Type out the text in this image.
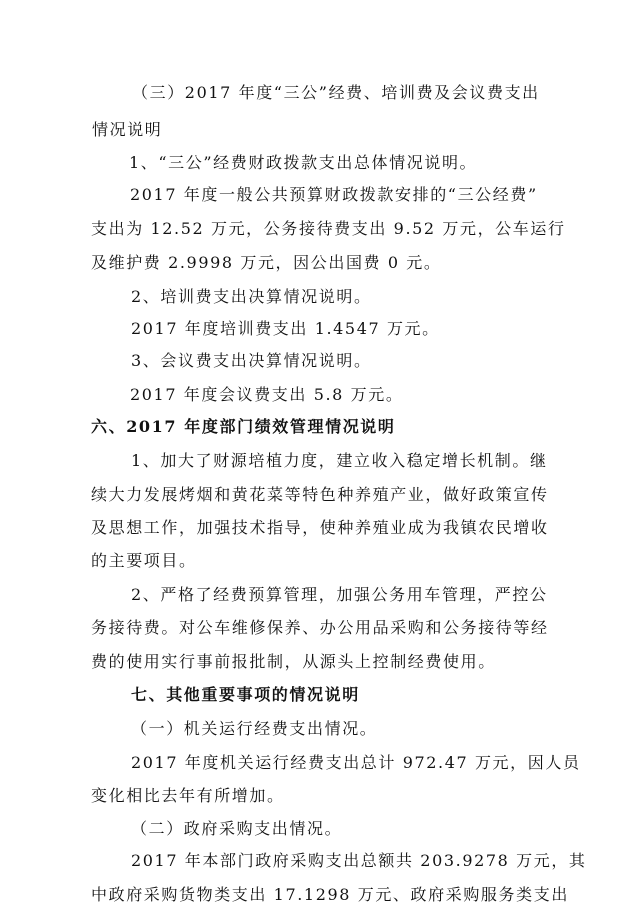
（三）2017 年度“三公”经费、培训费及会议费支出
情况说明
1、“三公”经费财政拨款支出总体情况说明。
2017 年度一般公共预算财政拨款安排的“三公经费”
支出为 12.52 万元，公务接待费支出 9.52 万元，公车运行
及维护费 2.9998 万元，因公出国费 0 元。
2、培训费支出决算情况说明。
2017 年度培训费支出 1.4547 万元。
3、会议费支出决算情况说明。
2017 年度会议费支出 5.8 万元。
六、2017 年度部门绩效管理情况说明
1、加大了财源培植力度，建立收入稳定增长机制。继
续大力发展烤烟和黄花菜等特色种养殖产业，做好政策宣传
及思想工作，加强技术指导，使种养殖业成为我镇农民增收
的主要项目。
2、严格了经费预算管理，加强公务用车管理，严控公
务接待费。对公车维修保养、办公用品采购和公务接待等经
费的使用实行事前报批制，从源头上控制经费使用。
七、其他重要事项的情况说明
（一）机关运行经费支出情况。
2017 年度机关运行经费支出总计 972.47 万元，因人员
变化相比去年有所增加。
（二）政府采购支出情况。
2017 年本部门政府采购支出总额共 203.9278 万元，其
中政府采购货物类支出 17.1298 万元、政府采购服务类支出
